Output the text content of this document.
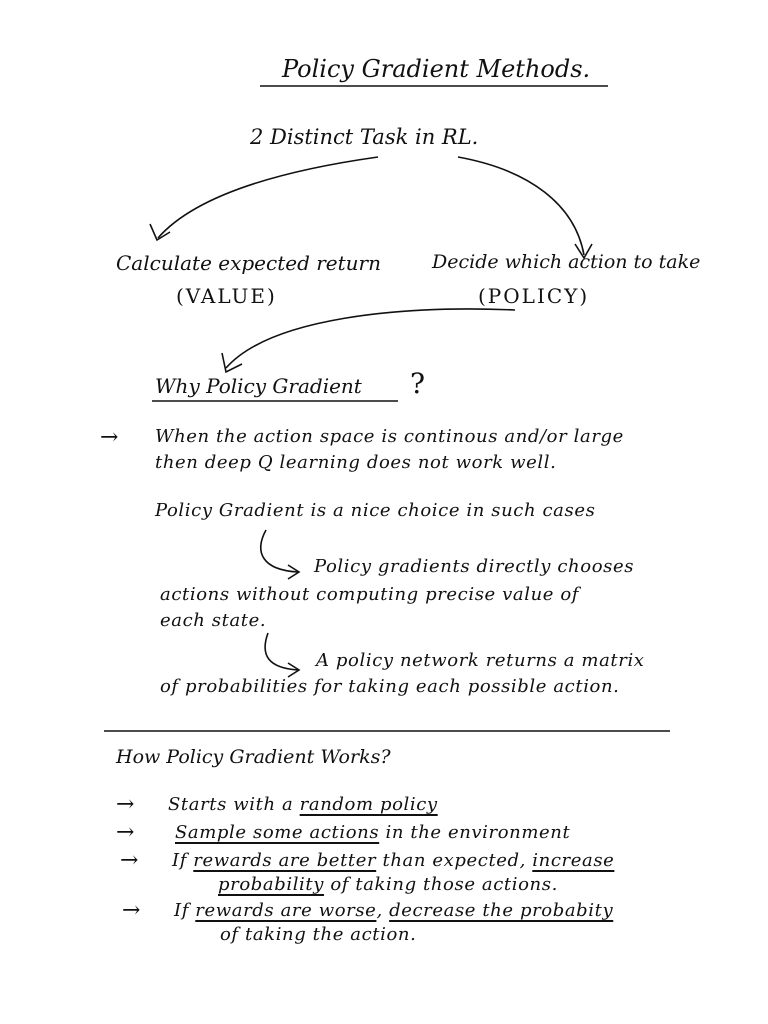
Policy Gradient Methods.
2 Distinct Task in RL.
Calculate expected return
(VALUE)
Decide which action to take
(POLICY)
Why Policy Gradient ?
→ When the action space is continous and/or large
then deep Q learning does not work well.
Policy Gradient is a nice choice in such cases
Policy gradients directly chooses
actions without computing precise value of
each state.
A policy network returns a matrix
of probabilities for taking each possible action.
How Policy Gradient Works?
→ Starts with a random policy
→ Sample some actions in the environment
→ If rewards are better than expected, increase
probability of taking those actions.
→ If rewards are worse, decrease the probabity
of taking the action.
